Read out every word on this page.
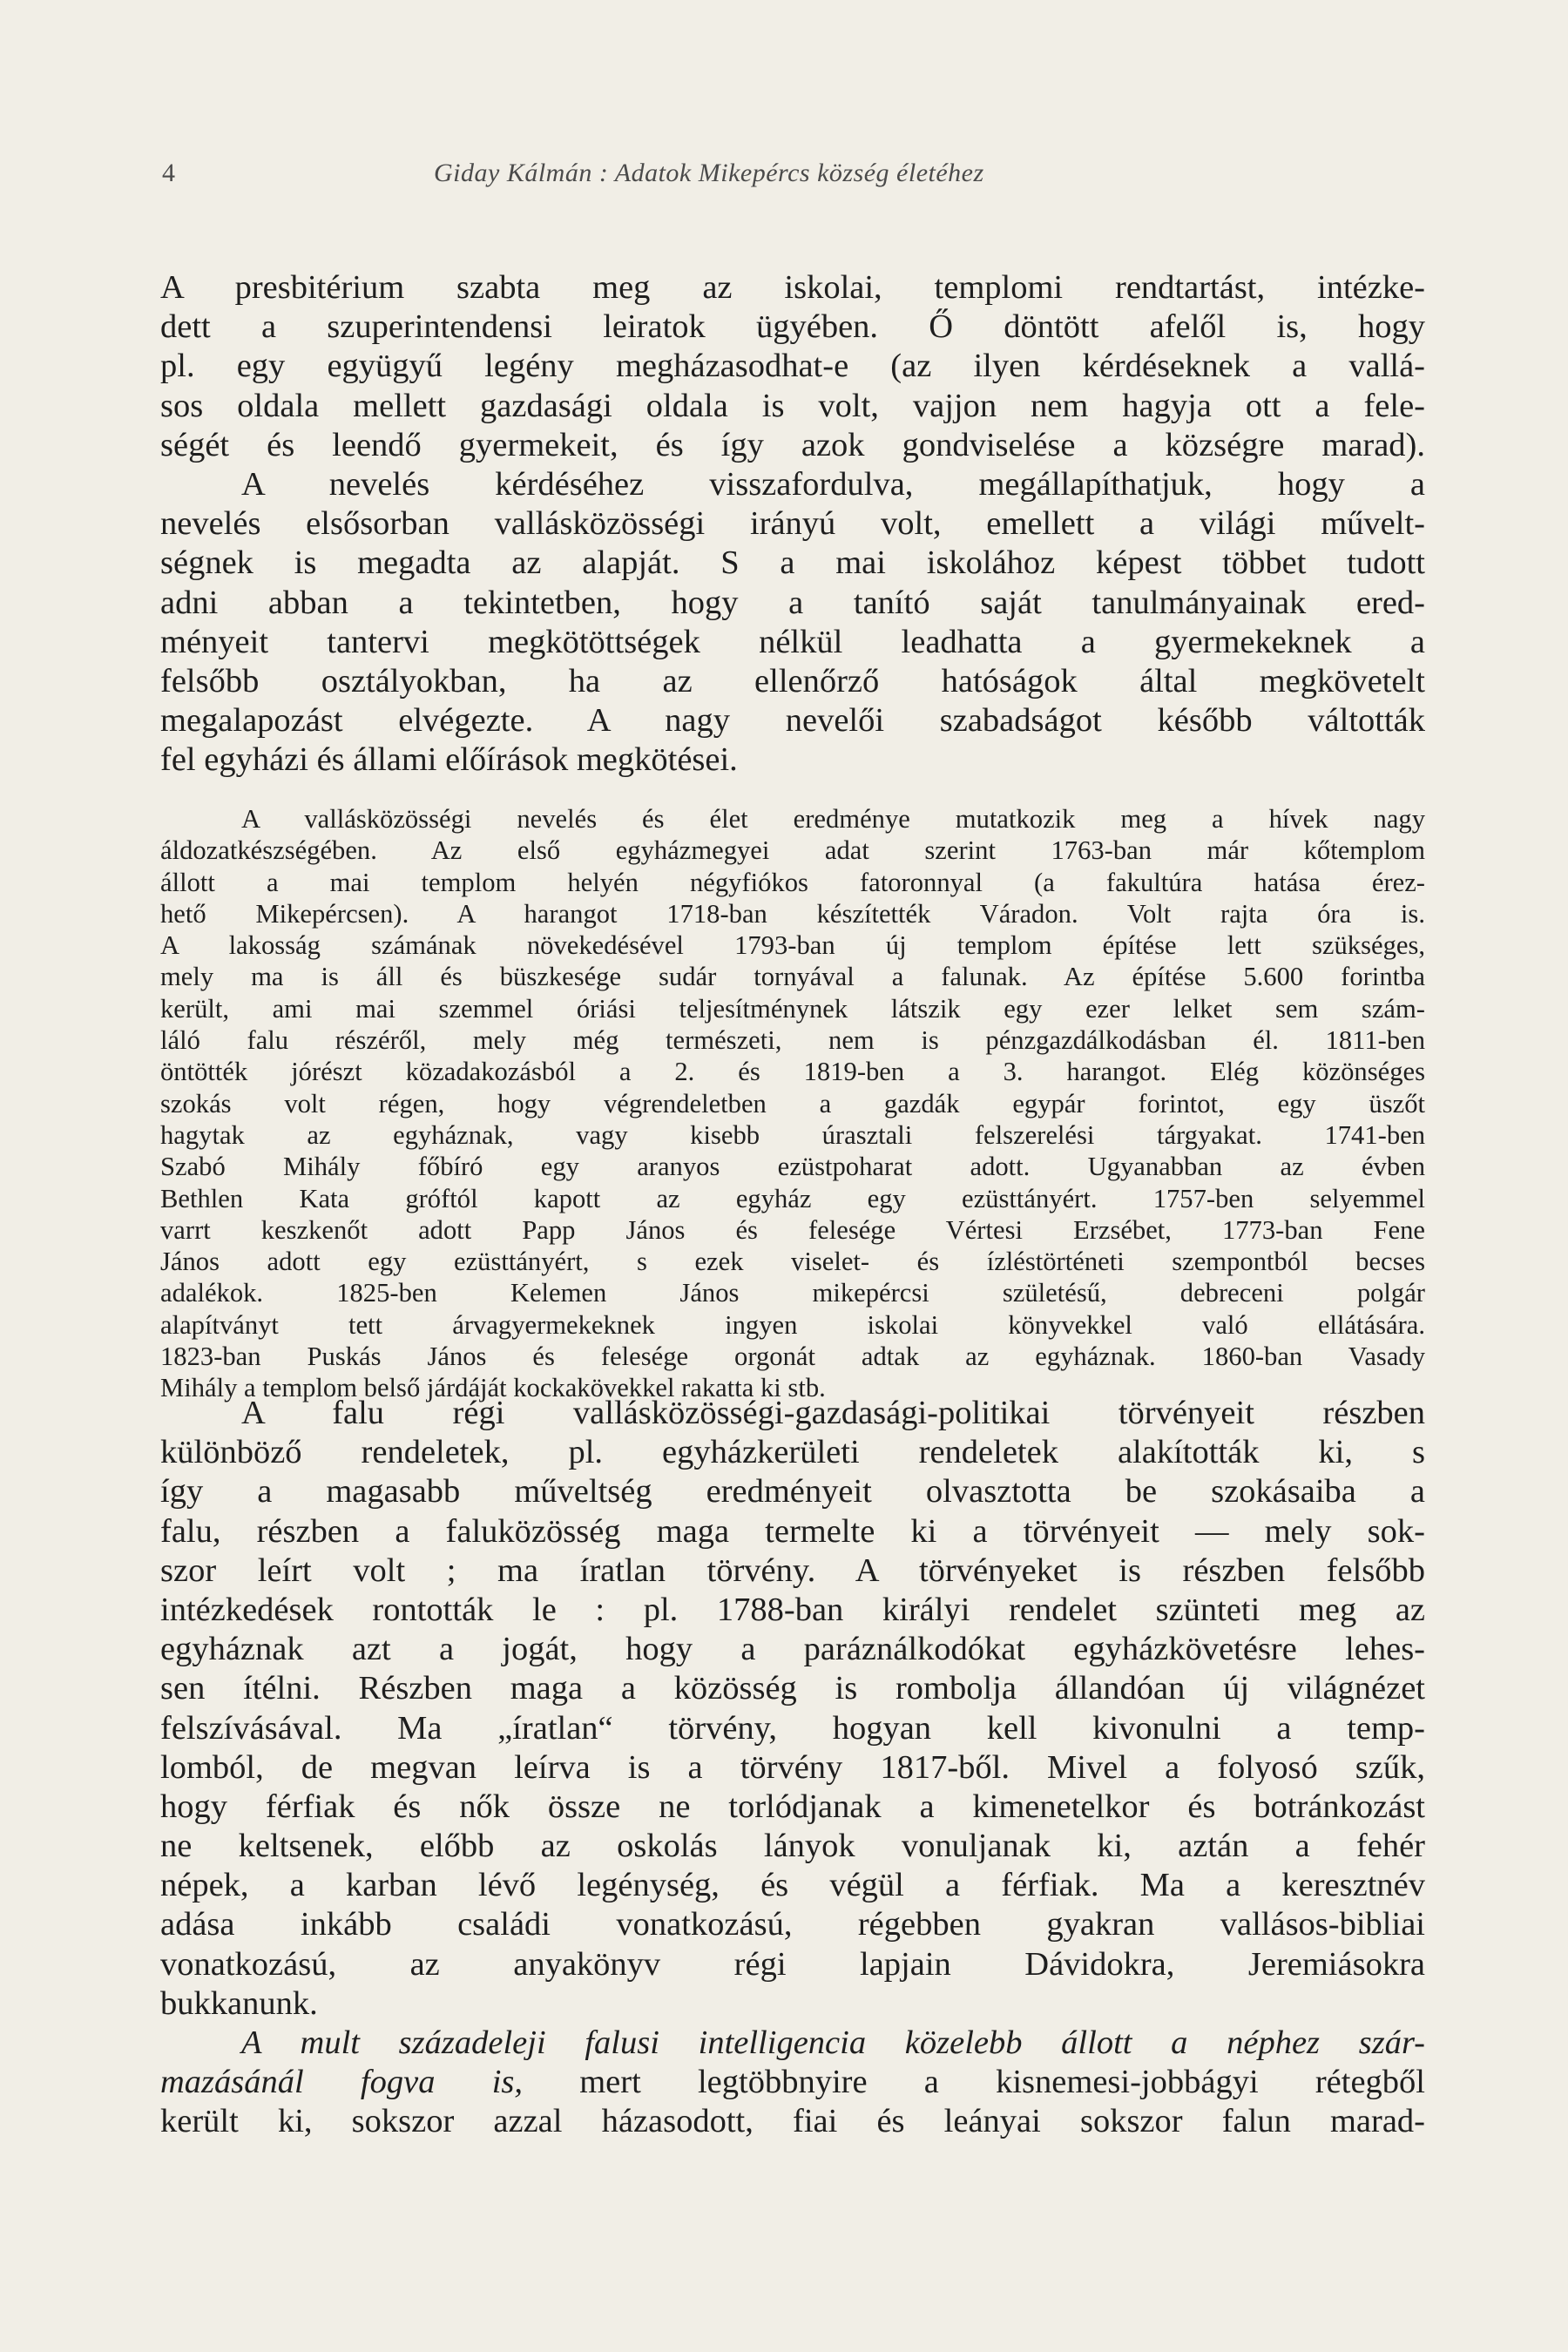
4	Giday Kálmán : Adatok Mikepércs község életéhez
A presbitérium szabta meg az iskolai, templomi rendtartást, intézke-
dett a szuperintendensi leiratok ügyében. Ő döntött afelől is, hogy
pl. egy együgyű legény megházasodhat-e (az ilyen kérdéseknek a vallá-
sos oldala mellett gazdasági oldala is volt, vajjon nem hagyja ott a fele-
ségét és leendő gyermekeit, és így azok gondviselése a községre marad).
A nevelés kérdéséhez visszafordulva, megállapíthatjuk, hogy a
nevelés elsősorban vallásközösségi irányú volt, emellett a világi művelt-
ségnek is megadta az alapját. S a mai iskolához képest többet tudott
adni abban a tekintetben, hogy a tanító saját tanulmányainak ered-
ményeit tantervi megkötöttségek nélkül leadhatta a gyermekeknek a
felsőbb osztályokban, ha az ellenőrző hatóságok által megkövetelt
megalapozást elvégezte. A nagy nevelői szabadságot később váltották
fel egyházi és állami előírások megkötései.
A vallásközösségi nevelés és élet eredménye mutatkozik meg a hívek nagy
áldozatkészségében. Az első egyházmegyei adat szerint 1763-ban már kőtemplom
állott a mai templom helyén négyfiókos fatoronnyal (a fakultúra hatása érez-
hető Mikepércsen). A harangot 1718-ban készítették Váradon. Volt rajta óra is.
A lakosság számának növekedésével 1793-ban új templom építése lett szükséges,
mely ma is áll és büszkesége sudár tornyával a falunak. Az építése 5.600 forintba
került, ami mai szemmel óriási teljesítménynek látszik egy ezer lelket sem szám-
láló falu részéről, mely még természeti, nem is pénzgazdálkodásban él. 1811-ben
öntötték jórészt közadakozásból a 2. és 1819-ben a 3. harangot. Elég közönséges
szokás volt régen, hogy végrendeletben a gazdák egypár forintot, egy üszőt
hagytak az egyháznak, vagy kisebb úrasztali felszerelési tárgyakat. 1741-ben
Szabó Mihály főbíró egy aranyos ezüstpoharat adott. Ugyanabban az évben
Bethlen Kata gróftól kapott az egyház egy ezüsttányért. 1757-ben selyemmel
varrt keszkenőt adott Papp János és felesége Vértesi Erzsébet, 1773-ban Fene
János adott egy ezüsttányért, s ezek viselet- és ízléstörténeti szempontból becses
adalékok. 1825-ben Kelemen János mikepércsi születésű, debreceni polgár
alapítványt tett árvagyermekeknek ingyen iskolai könyvekkel való ellátására.
1823-ban Puskás János és felesége orgonát adtak az egyháznak. 1860-ban Vasady
Mihály a templom belső járdáját kockakövekkel rakatta ki stb.
A falu régi vallásközösségi-gazdasági-politikai törvényeit részben
különböző rendeletek, pl. egyházkerületi rendeletek alakították ki, s
így a magasabb műveltség eredményeit olvasztotta be szokásaiba a
falu, részben a faluközösség maga termelte ki a törvényeit — mely sok-
szor leírt volt ; ma íratlan törvény. A törvényeket is részben felsőbb
intézkedések rontották le : pl. 1788-ban királyi rendelet szünteti meg az
egyháznak azt a jogát, hogy a paráználkodókat egyházkövetésre lehes-
sen ítélni. Részben maga a közösség is rombolja állandóan új világnézet
felszívásával. Ma „íratlan“ törvény, hogyan kell kivonulni a temp-
lomból, de megvan leírva is a törvény 1817-ből. Mivel a folyosó szűk,
hogy férfiak és nők össze ne torlódjanak a kimenetelkor és botránkozást
ne keltsenek, előbb az oskolás lányok vonuljanak ki, aztán a fehér
népek, a karban lévő legénység, és végül a férfiak. Ma a keresztnév
adása inkább családi vonatkozású, régebben gyakran vallásos-bibliai
vonatkozású, az anyakönyv régi lapjain Dávidokra, Jeremiásokra
bukkanunk.
A mult századeleji falusi intelligencia közelebb állott a néphez szár-
mazásánál fogva is, mert legtöbbnyire a kisnemesi-jobbágyi rétegből
került ki, sokszor azzal házasodott, fiai és leányai sokszor falun marad-
